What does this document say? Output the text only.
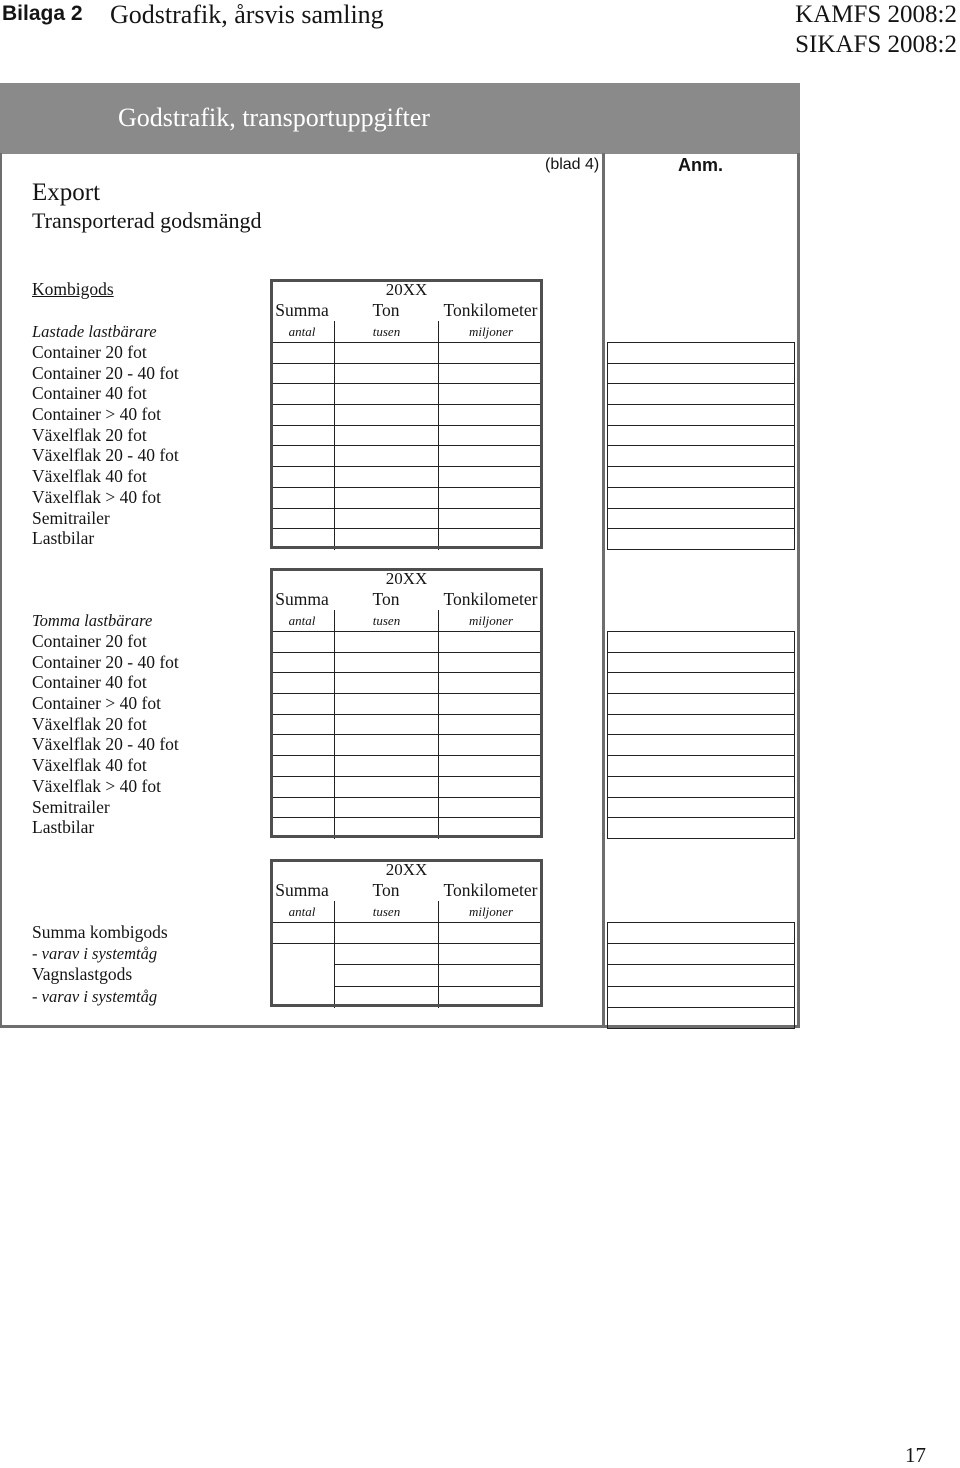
Bilaga 2 Godstrafik, årsvis samling	KAMFS 2008:2
SIKAFS 2008:2
Godstrafik, transportuppgifter
(blad 4)	Anm.
Export
Transporterad godsmängd
Kombigods
Lastade lastbärare
20XX
Summa	Ton	Tonkilometer
antal	tusen	miljoner
Container 20 fot
Container 20 - 40 fot
Container 40 fot
Container > 40 fot
Växelflak 20 fot
Växelflak 20 - 40 fot
Växelflak 40 fot
Växelflak > 40 fot
Semitrailer
Lastbilar
Tomma lastbärare
20XX
Summa	Ton	Tonkilometer
antal	tusen	miljoner
Container 20 fot
Container 20 - 40 fot
Container 40 fot
Container > 40 fot
Växelflak 20 fot
Växelflak 20 - 40 fot
Växelflak 40 fot
Växelflak > 40 fot
Semitrailer
Lastbilar
20XX
Summa	Ton	Tonkilometer
antal	tusen	miljoner
Summa kombigods
- varav i systemtåg
Vagnslastgods
- varav i systemtåg
17
